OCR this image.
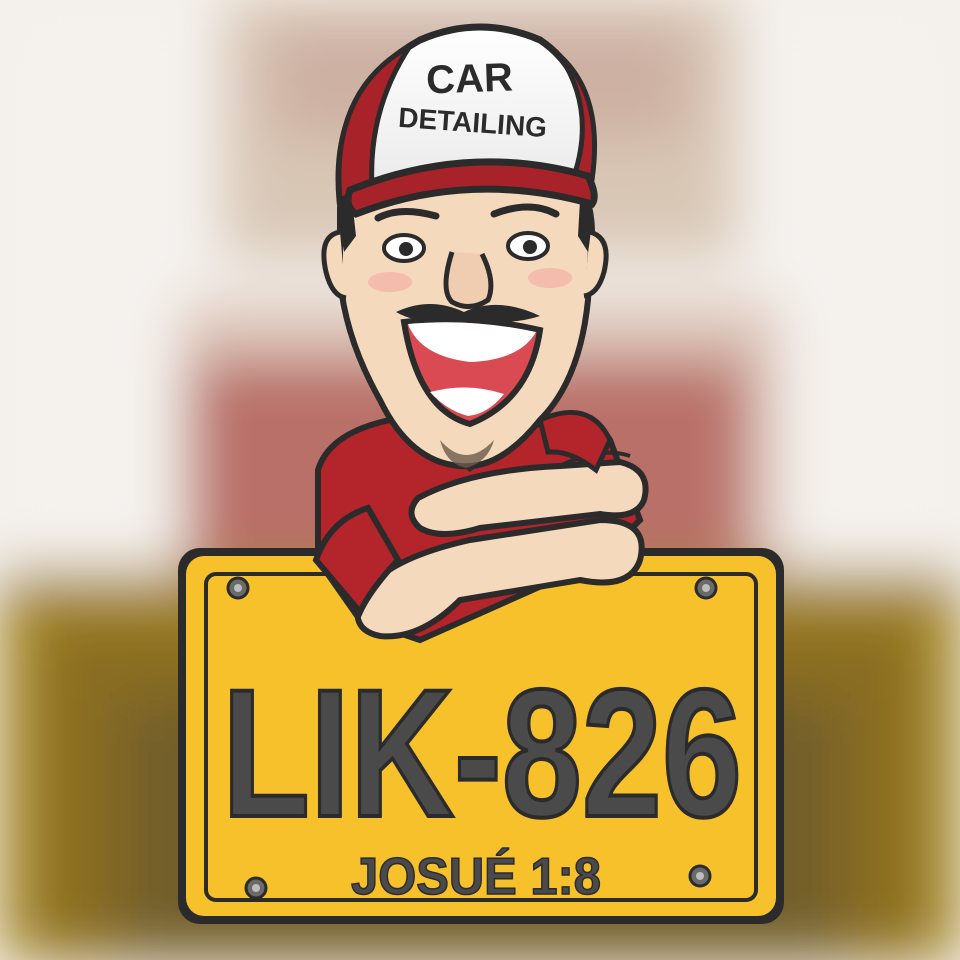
CAR
DETAILING
LIK-826
JOSUÉ 1:8
